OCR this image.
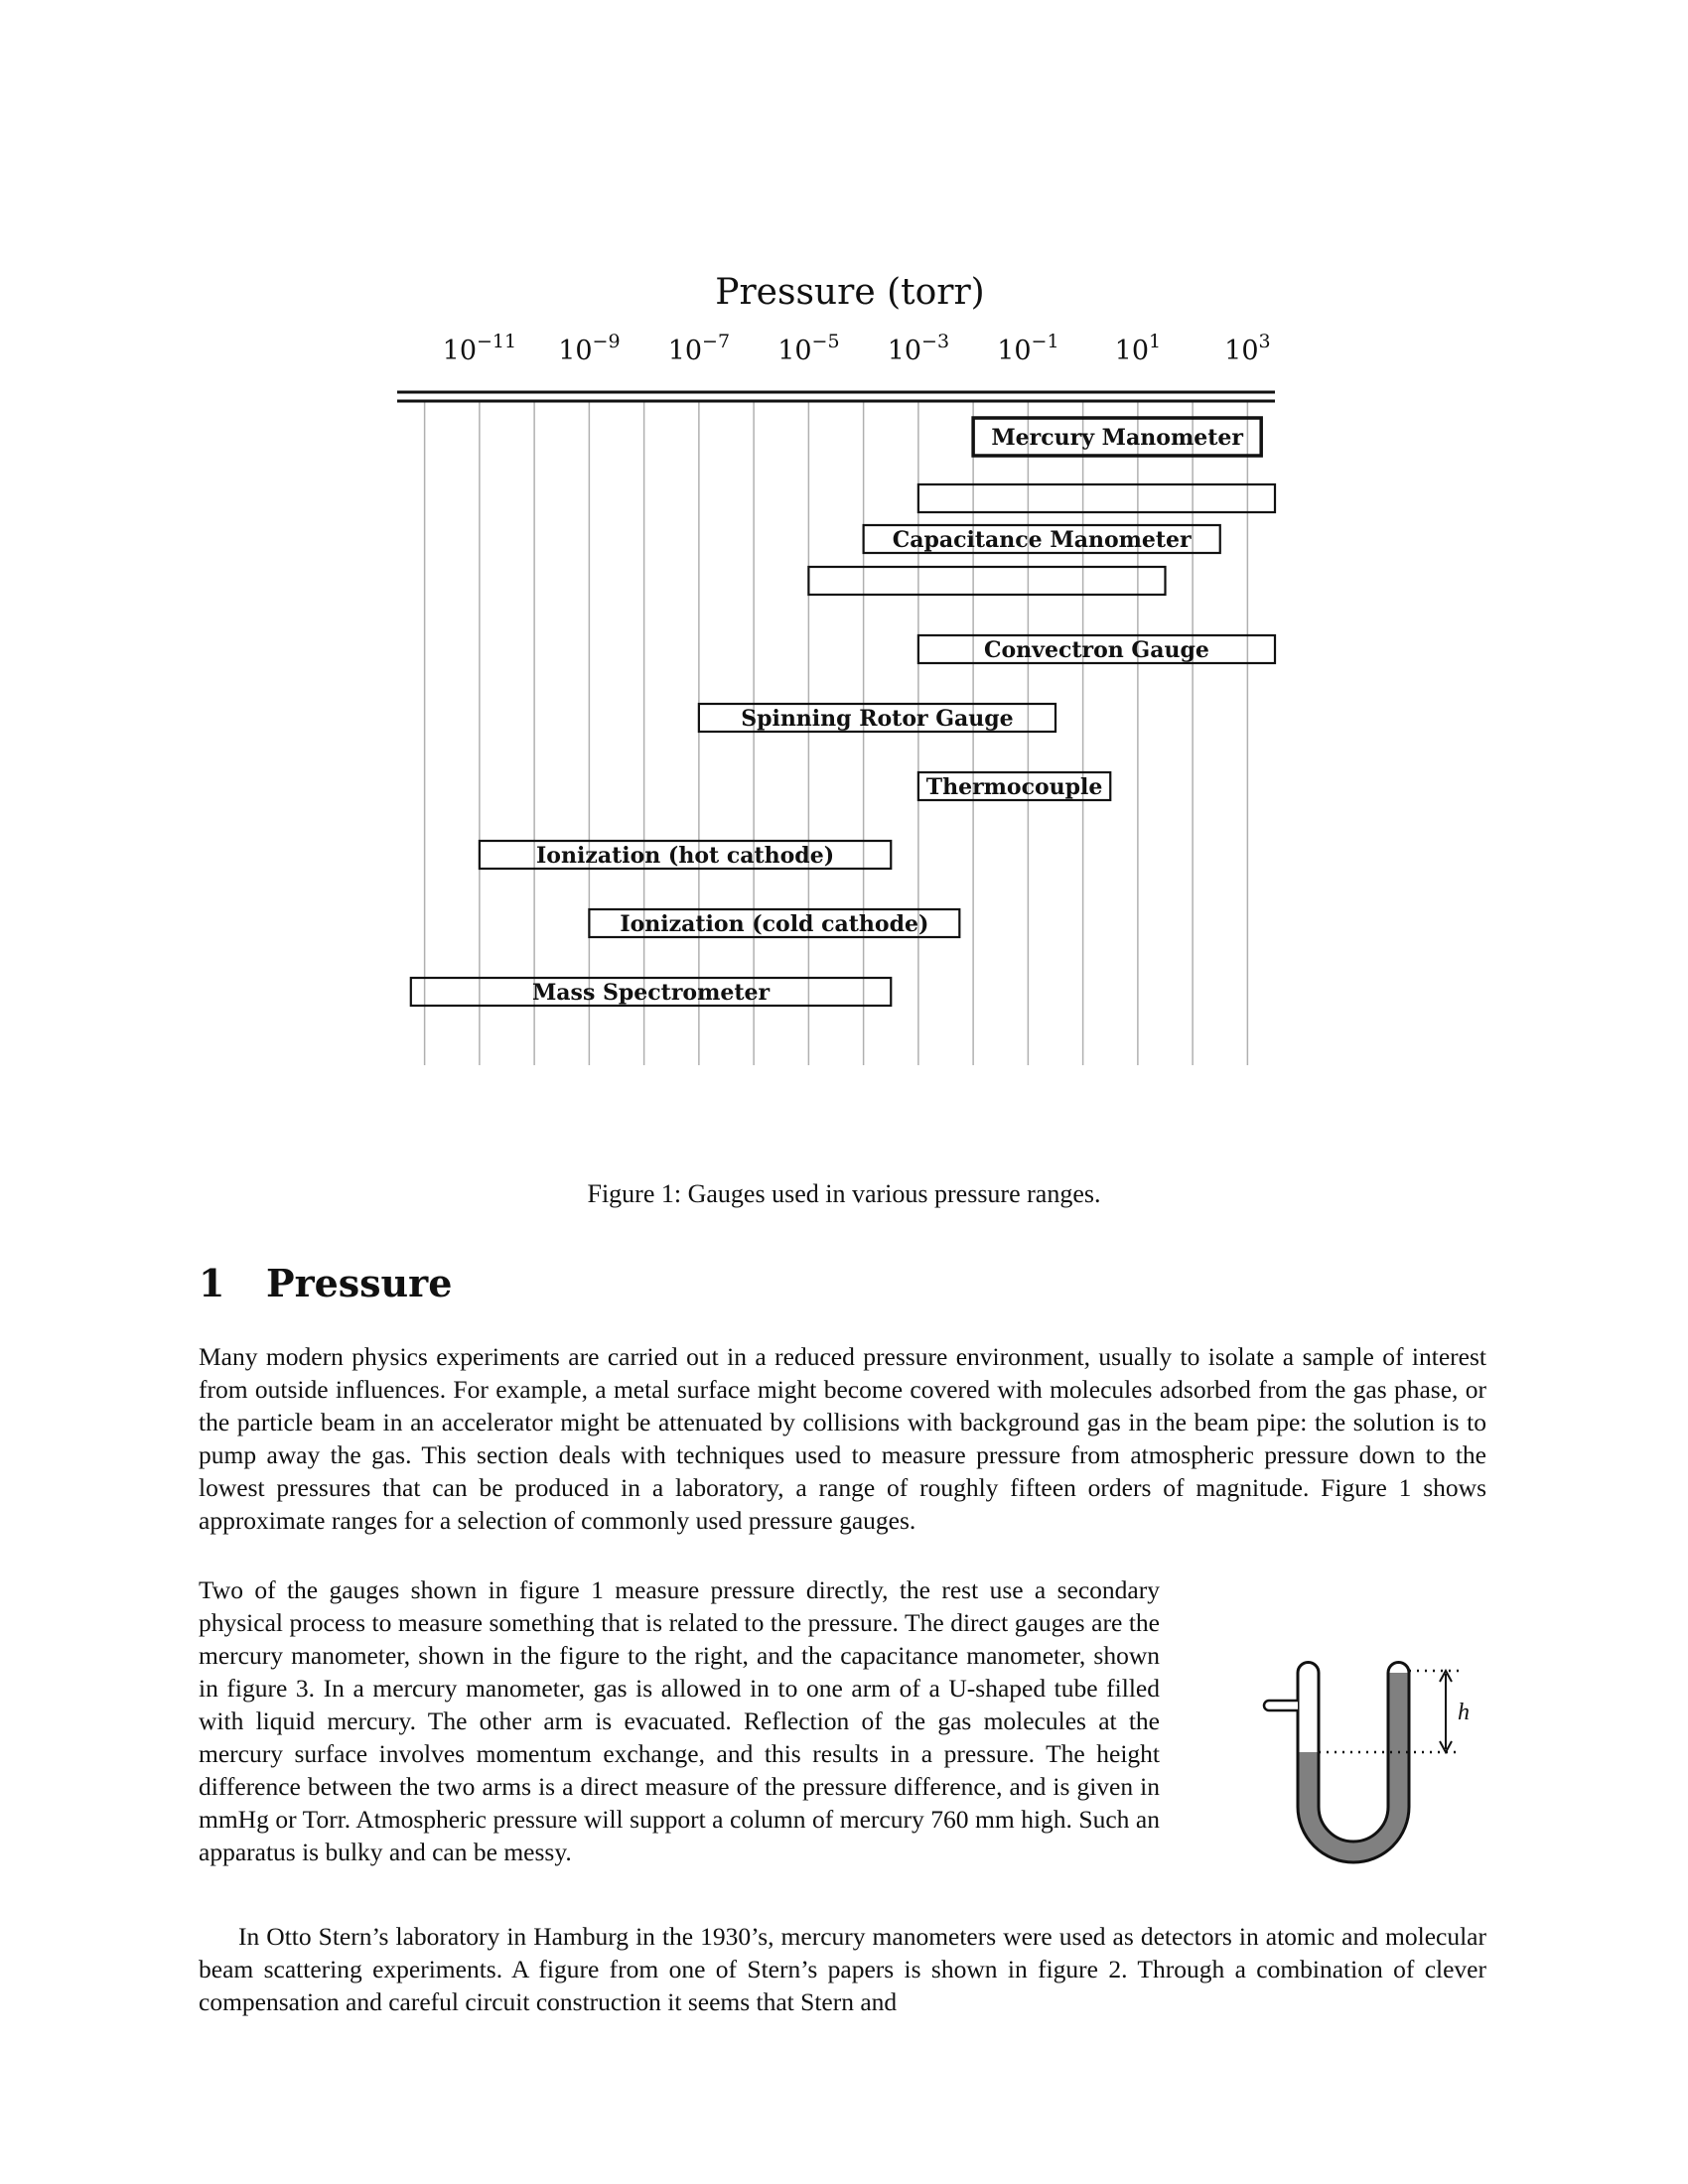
Pressure (torr)
$10^{-11}$ $10^{-9}$ $10^{-7}$ $10^{-5}$ $10^{-3}$ $10^{-1}$ $10^1$ $10^3$
Mercury Manometer
Capacitance Manometer
Convectron Gauge
Spinning Rotor Gauge
Thermocouple
Ionization (hot cathode)
Ionization (cold cathode)
Mass Spectrometer
Figure 1: Gauges used in various pressure ranges.
1 Pressure

Many modern physics experiments are carried out in a reduced pressure environment, usually to isolate a sample of interest from outside influences. For example, a metal surface might become covered with molecules adsorbed from the gas phase, or the particle beam in an accelerator might be attenuated by collisions with background gas in the beam pipe: the solution is to pump away the gas. This section deals with techniques used to measure pressure from atmospheric pressure down to the lowest pressures that can be produced in a laboratory, a range of roughly fifteen orders of magnitude. Figure 1 shows approximate ranges for a selection of commonly used pressure gauges.

Two of the gauges shown in figure 1 measure pressure directly, the rest use a secondary physical process to measure something that is related to the pressure. The direct gauges are the mercury manometer, shown in the figure to the right, and the capacitance manometer, shown in figure 3. In a mercury manometer, gas is allowed in to one arm of a U-shaped tube filled with liquid mercury. The other arm is evacuated. Reflection of the gas molecules at the mercury surface involves momentum exchange, and this results in a pressure. The height difference between the two arms is a direct measure of the pressure difference, and is given in mmHg or Torr. Atmospheric pressure will support a column of mercury 760 mm high. Such an apparatus is bulky and can be messy.

In Otto Stern’s laboratory in Hamburg in the 1930’s, mercury manometers were used as detectors in atomic and molecular beam scattering experiments. A figure from one of Stern’s papers is shown in figure 2. Through a combination of clever compensation and careful circuit construction it seems that Stern and

h
